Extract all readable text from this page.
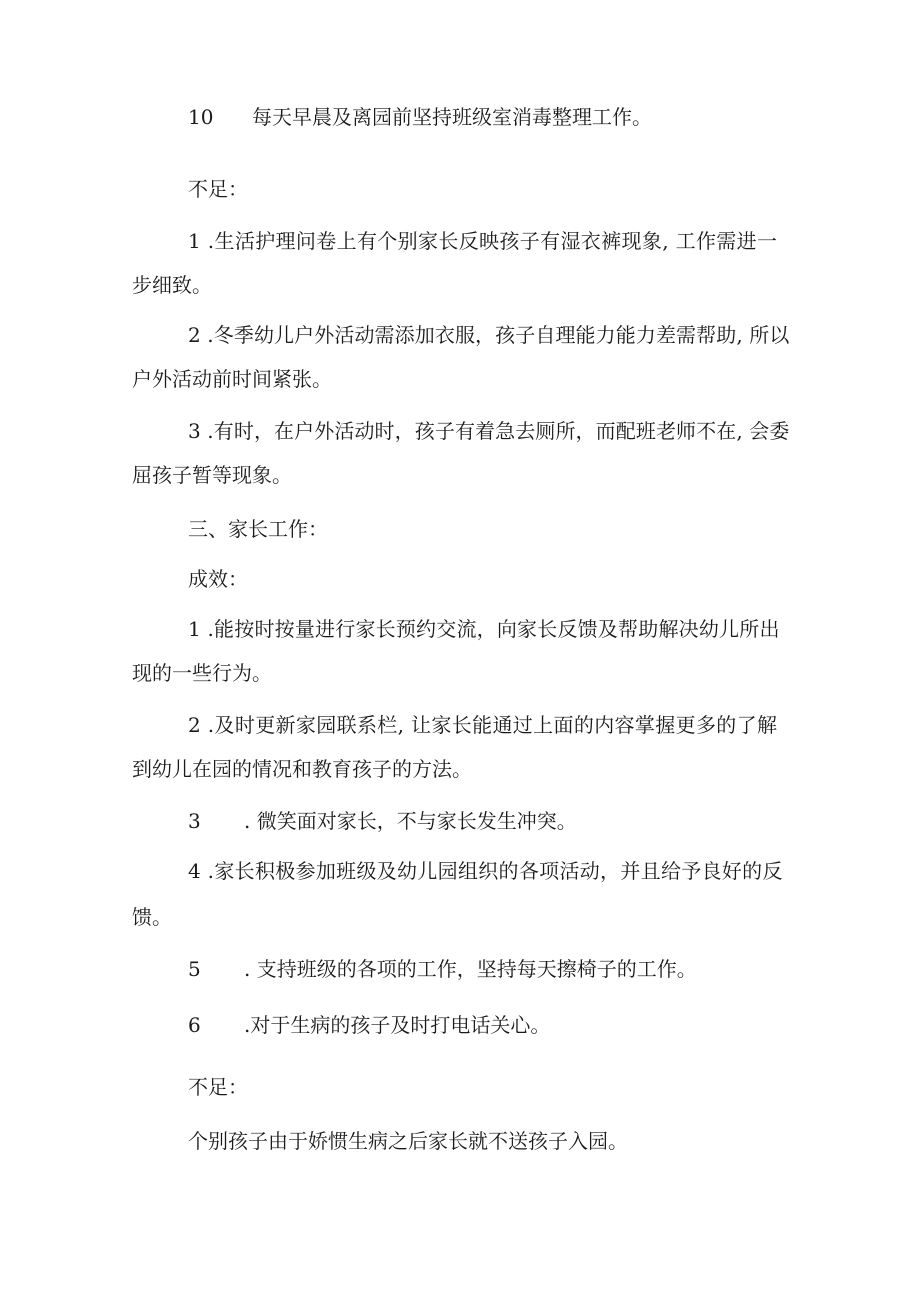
10 每天早晨及离园前坚持班级室消毒整理工作。

不足：

1 .生活护理问卷上有个别家长反映孩子有湿衣裤现象, 工作需进一

步细致。

2 .冬季幼儿户外活动需添加衣服，孩子自理能力能力差需帮助, 所以

户外活动前时间紧张。

3 .有时，在户外活动时，孩子有着急去厕所，而配班老师不在, 会委

屈孩子暂等现象。

三、家长工作：

成效：

1 .能按时按量进行家长预约交流，向家长反馈及帮助解决幼儿所出

现的一些行为。

2 .及时更新家园联系栏, 让家长能通过上面的内容掌握更多的了解

到幼儿在园的情况和教育孩子的方法。

3 . 微笑面对家长，不与家长发生冲突。

4 .家长积极参加班级及幼儿园组织的各项活动，并且给予良好的反

馈。

5 . 支持班级的各项的工作，坚持每天擦椅子的工作。

6 .对于生病的孩子及时打电话关心。

不足：

个别孩子由于娇惯生病之后家长就不送孩子入园。
